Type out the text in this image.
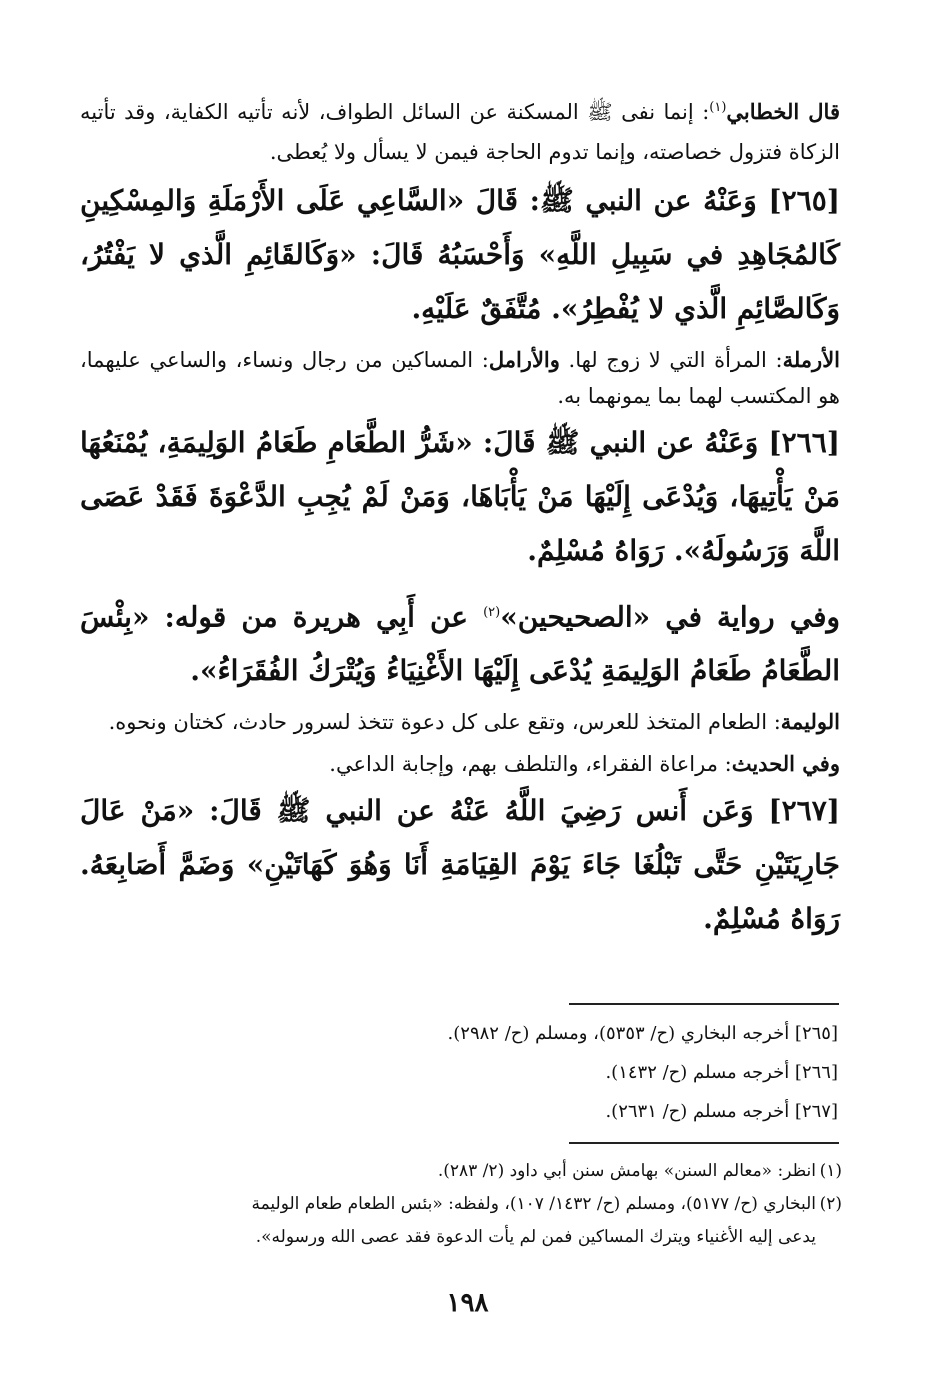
قال الخطابي$^{(١)}$: إنما نفى ﷺ المسكنة عن السائل الطواف، لأنه تأتيه الكفاية، وقد تأتيه الزكاة فتزول خصاصته، وإنما تدوم الحاجة فيمن لا يسأل ولا يُعطى.

[٢٦٥] وَعَنْهُ عن النبي ﷺ: قَالَ «السَّاعِي عَلَى الأَرْمَلَةِ وَالمِسْكِينِ كَالمُجَاهِدِ في سَبِيلِ اللَّهِ» وَأَحْسَبُهُ قَالَ: «وَكَالقَائِمِ الَّذي لا يَفْتُرُ، وَكَالصَّائِمِ الَّذي لا يُفْطِرُ». مُتَّفَقٌ عَلَيْهِ.

الأرملة: المرأة التي لا زوج لها. والأرامل: المساكين من رجال ونساء، والساعي عليهما، هو المكتسب لهما بما يمونهما به.

[٢٦٦] وَعَنْهُ عن النبي ﷺ قَالَ: «شَرُّ الطَّعَامِ طَعَامُ الوَلِيمَةِ، يُمْنَعُهَا مَنْ يَأْتِيهَا، وَيُدْعَى إِلَيْهَا مَنْ يَأْبَاهَا، وَمَنْ لَمْ يُجِبِ الدَّعْوَةَ فَقَدْ عَصَى اللَّهَ وَرَسُولَهُ». رَوَاهُ مُسْلِمٌ.

وفي رواية في «الصحيحين»$^{(٢)}$ عن أَبِي هريرة من قوله: «بِئْسَ الطَّعَامُ طَعَامُ الوَلِيمَةِ يُدْعَى إِلَيْهَا الأَغْنِيَاءُ وَيُتْرَكُ الفُقَرَاءُ».

الوليمة: الطعام المتخذ للعرس، وتقع على كل دعوة تتخذ لسرور حادث، كختان ونحوه.

وفي الحديث: مراعاة الفقراء، والتلطف بهم، وإجابة الداعي.

[٢٦٧] وَعَن أَنس رَضِيَ اللَّهُ عَنْهُ عن النبي ﷺ قَالَ: «مَنْ عَالَ جَارِيَتَيْنِ حَتَّى تَبْلُغَا جَاءَ يَوْمَ القِيَامَةِ أَنَا وَهُوَ كَهَاتَيْنِ» وَضَمَّ أَصَابِعَهُ. رَوَاهُ مُسْلِمٌ.

[٢٦٥] أخرجه البخاري (ح/ ٥٣٥٣)، ومسلم (ح/ ٢٩٨٢).
[٢٦٦] أخرجه مسلم (ح/ ١٤٣٢).
[٢٦٧] أخرجه مسلم (ح/ ٢٦٣١).
(١)انظر: «معالم السنن» بهامش سنن أبي داود (٢/ ٢٨٣).
(٢)البخاري (ح/ ٥١٧٧)، ومسلم (ح/ ١٤٣٢/ ١٠٧)، ولفظه: «بئس الطعام طعام الوليمة
يدعى إليه الأغنياء ويترك المساكين فمن لم يأت الدعوة فقد عصى الله ورسوله».
١٩٨
